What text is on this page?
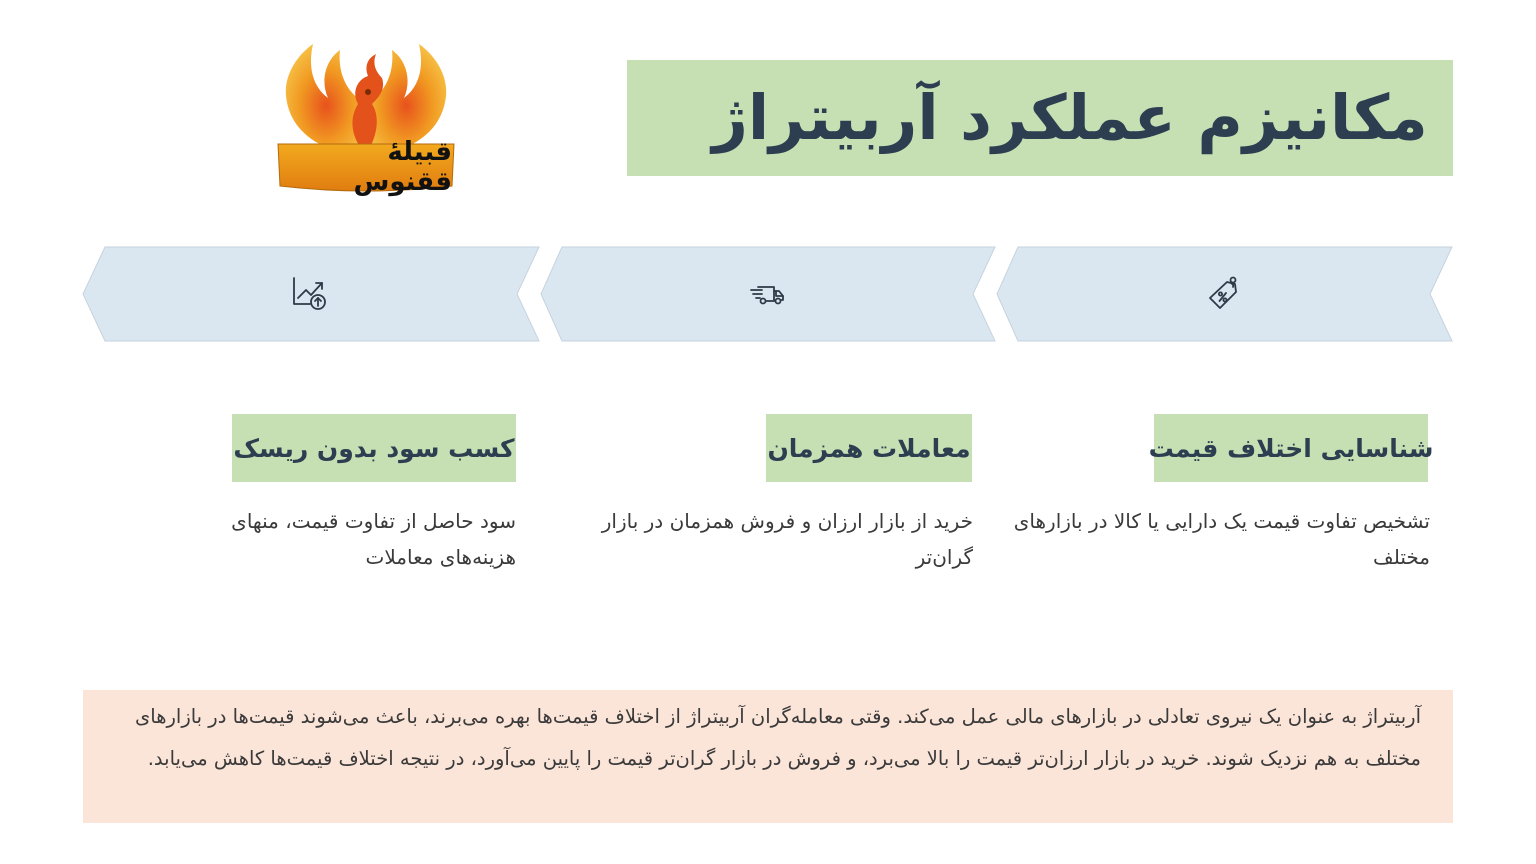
مکانیزم عملکرد آربیتراژ
قبیلهٔ ققنوس
شناسایی اختلاف قیمت
تشخیص تفاوت قیمت یک دارایی یا کالا در بازارهای مختلف
معاملات همزمان
خرید از بازار ارزان و فروش همزمان در بازار گران‌تر
کسب سود بدون ریسک
سود حاصل از تفاوت قیمت، منهای هزینه‌های معاملات
آربیتراژ به عنوان یک نیروی تعادلی در بازارهای مالی عمل می‌کند. وقتی معامله‌گران آربیتراژ از اختلاف قیمت‌ها بهره می‌برند، باعث می‌شوند قیمت‌ها در بازارهای مختلف به هم نزدیک شوند. خرید در بازار ارزان‌تر قیمت را بالا می‌برد، و فروش در بازار گران‌تر قیمت را پایین می‌آورد، در نتیجه اختلاف قیمت‌ها کاهش می‌یابد.
